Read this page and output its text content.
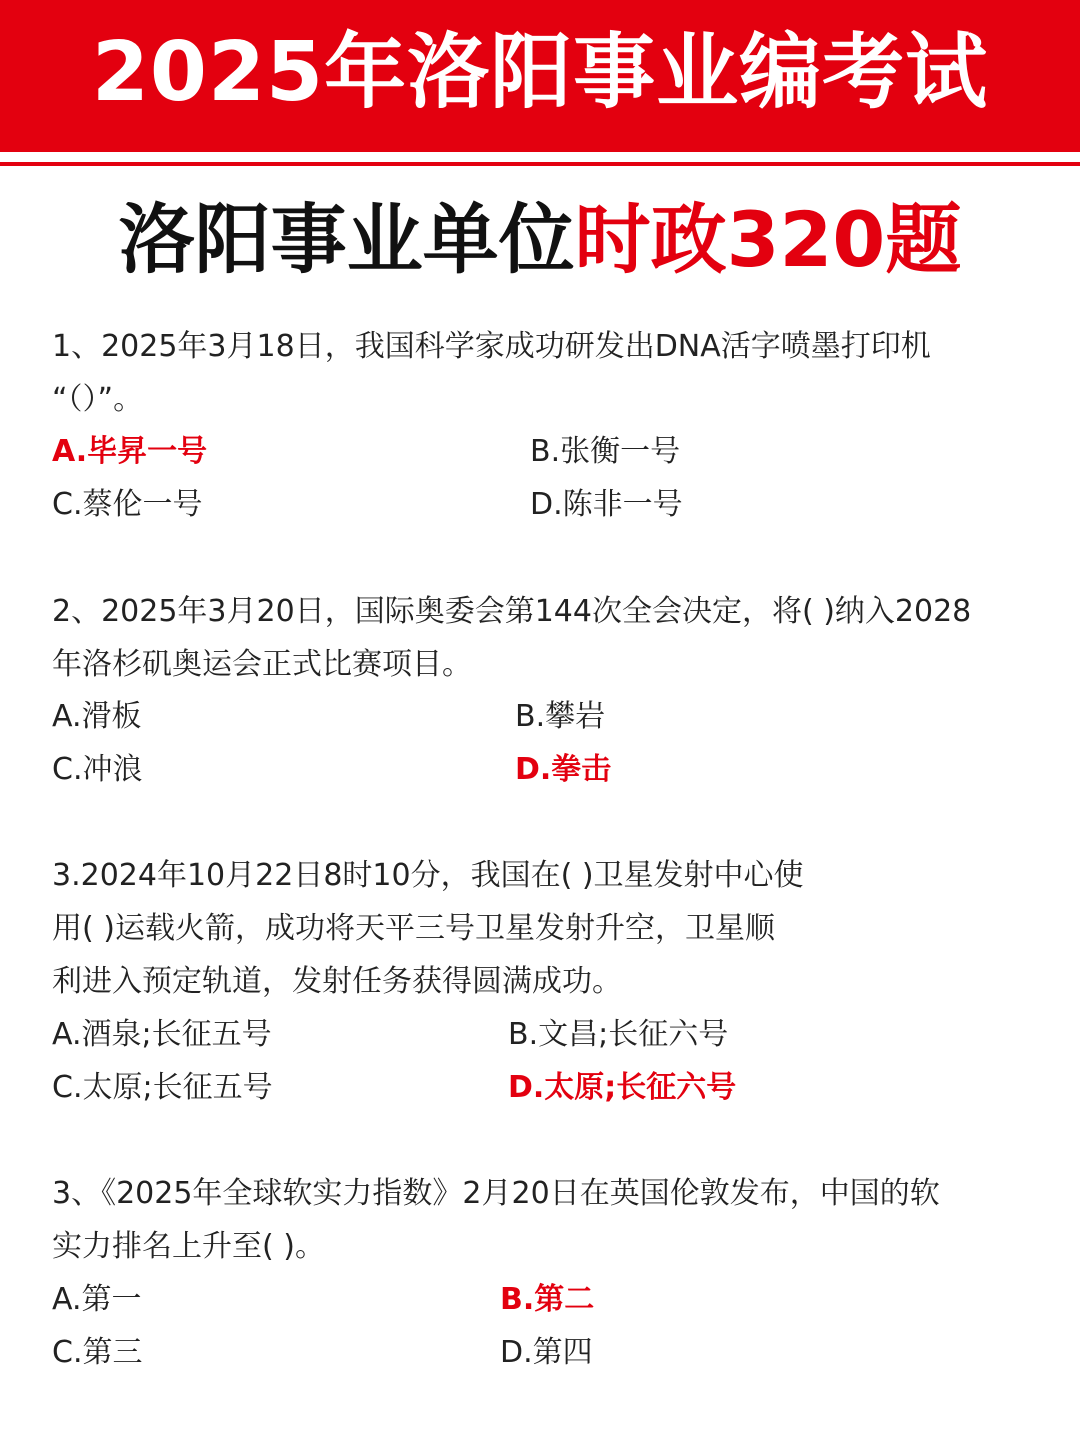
2025年洛阳事业编考试
洛阳事业单位时政320题
1、2025年3月18日，我国科学家成功研发出DNA活字喷墨打印机
“（）”。
A.毕昇一号	B.张衡一号
C.蔡伦一号	D.陈非一号
2、2025年3月20日，国际奥委会第144次全会决定，将( )纳入2028
年洛杉矶奥运会正式比赛项目。
A.滑板	B.攀岩
C.冲浪	D.拳击
3.2024年10月22日8时10分，我国在( )卫星发射中心使
用( )运载火箭，成功将天平三号卫星发射升空，卫星顺
利进入预定轨道，发射任务获得圆满成功。
A.酒泉;长征五号	B.文昌;长征六号
C.太原;长征五号	D.太原;长征六号
3、《2025年全球软实力指数》2月20日在英国伦敦发布，中国的软
实力排名上升至( )。
A.第一	B.第二
C.第三	D.第四
